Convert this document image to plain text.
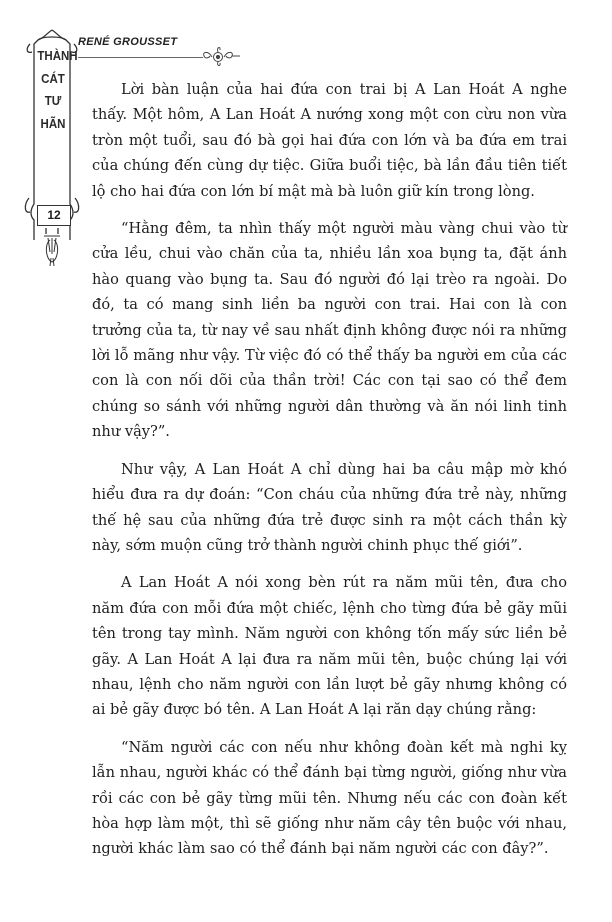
RENÉ GROUSSET
THÀNH
CÁT
TƯ
HÃN
12

Lời bàn luận của hai đứa con trai bị A Lan Hoát A nghe thấy. Một hôm, A Lan Hoát A nướng xong một con cừu non vừa tròn một tuổi, sau đó bà gọi hai đứa con lớn và ba đứa em trai của chúng đến cùng dự tiệc. Giữa buổi tiệc, bà lần đầu tiên tiết lộ cho hai đứa con lớn bí mật mà bà luôn giữ kín trong lòng.

“Hằng đêm, ta nhìn thấy một người màu vàng chui vào từ cửa lều, chui vào chăn của ta, nhiều lần xoa bụng ta, đặt ánh hào quang vào bụng ta. Sau đó người đó lại trèo ra ngoài. Do đó, ta có mang sinh liền ba người con trai. Hai con là con trưởng của ta, từ nay về sau nhất định không được nói ra những lời lỗ mãng như vậy. Từ việc đó có thể thấy ba người em của các con là con nối dõi của thần trời! Các con tại sao có thể đem chúng so sánh với những người dân thường và ăn nói linh tinh như vậy?”.

Như vậy, A Lan Hoát A chỉ dùng hai ba câu mập mờ khó hiểu đưa ra dự đoán: “Con cháu của những đứa trẻ này, những thế hệ sau của những đứa trẻ được sinh ra một cách thần kỳ này, sớm muộn cũng trở thành người chinh phục thế giới”.

A Lan Hoát A nói xong bèn rút ra năm mũi tên, đưa cho năm đứa con mỗi đứa một chiếc, lệnh cho từng đứa bẻ gãy mũi tên trong tay mình. Năm người con không tốn mấy sức liền bẻ gãy. A Lan Hoát A lại đưa ra năm mũi tên, buộc chúng lại với nhau, lệnh cho năm người con lần lượt bẻ gãy nhưng không có ai bẻ gãy được bó tên. A Lan Hoát A lại răn dạy chúng rằng:

“Năm người các con nếu như không đoàn kết mà nghi kỵ lẫn nhau, người khác có thể đánh bại từng người, giống như vừa rồi các con bẻ gãy từng mũi tên. Nhưng nếu các con đoàn kết hòa hợp làm một, thì sẽ giống như năm cây tên buộc với nhau, người khác làm sao có thể đánh bại năm người các con đây?”.
